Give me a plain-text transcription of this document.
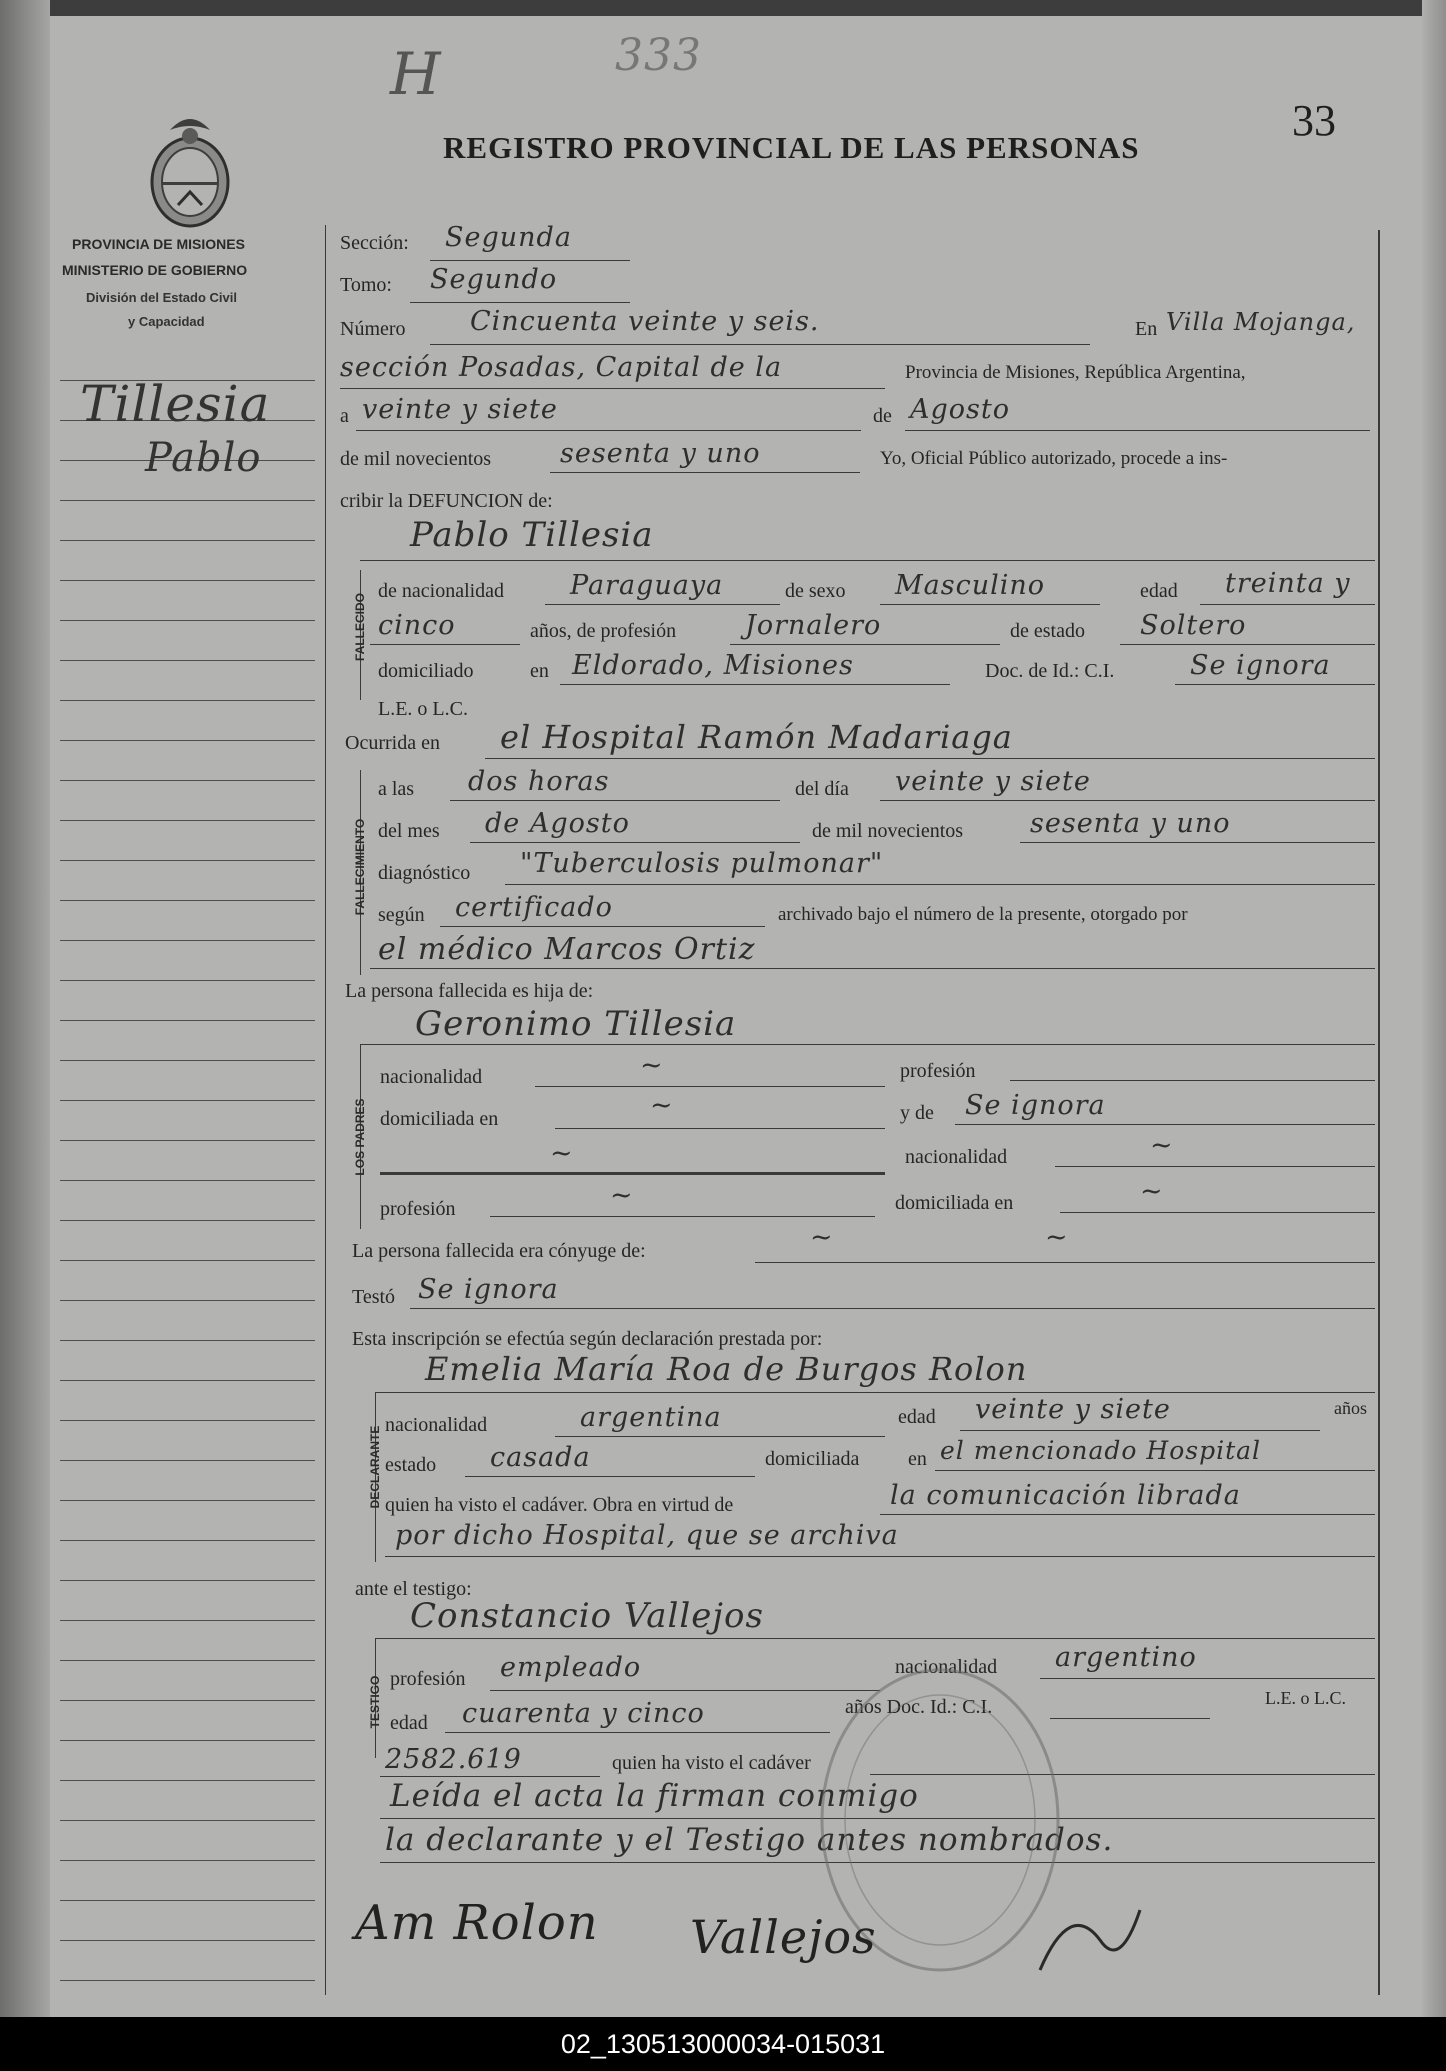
H	333
REGISTRO PROVINCIAL DE LAS PERSONAS
33
PROVINCIA DE MISIONES
MINISTERIO DE GOBIERNO
División del Estado Civil
y Capacidad
Tillesia
Pablo
Sección: Segunda
Tomo: Segundo
Número Cincuenta veinte y seis.	En Villa Mojanga,
sección Posadas, Capital de la	Provincia de Misiones, República Argentina,
a veinte y siete	de Agosto
de mil novecientos	sesenta y uno	Yo, Oficial Público autorizado, procede a ins-
cribir la DEFUNCION de:
FALLECIDO
Pablo Tillesia
de nacionalidad Paraguaya	de sexo Masculino	edad treinta y
cinco	años, de profesión	Jornalero	de estado Soltero
domiciliado	en Eldorado, Misiones	Doc. de Id.: C.I.	Se ignora
L.E. o L.C.
Ocurrida en el Hospital Ramón Madariaga
FALLECIMIENTO
a las dos horas	del día veinte y siete
del mes de Agosto	de mil novecientos sesenta y uno
diagnóstico "Tuberculosis pulmonar"
según certificado	archivado bajo el número de la presente, otorgado por
el médico Marcos Ortiz
La persona fallecida es hija de:
Geronimo Tillesia
LOS PADRES
nacionalidad	~	profesión
domiciliada en	~	y de Se ignora
~	nacionalidad	~
profesión	~	domiciliada en	~
La persona fallecida era cónyuge de:	~	~
Testó Se ignora
Esta inscripción se efectúa según declaración prestada por:
Emelia María Roa de Burgos Rolon
DECLARANTE
nacionalidad	argentina	edad veinte y siete	años
estado casada	domiciliada en el mencionado Hospital
quien ha visto el cadáver. Obra en virtud de	la comunicación librada
por dicho Hospital, que se archiva
ante el testigo:
Constancio Vallejos
TESTIGO profesión empleado	nacionalidad argentino
edad cuarenta y cinco	años Doc. Id.: C.I.	L.E. o L.C.
2582.619	quien ha visto el cadáver
Leída el acta la firman conmigo
la declarante y el Testigo antes nombrados.
Am Rolon Vallejos
02_130513000034-015031
